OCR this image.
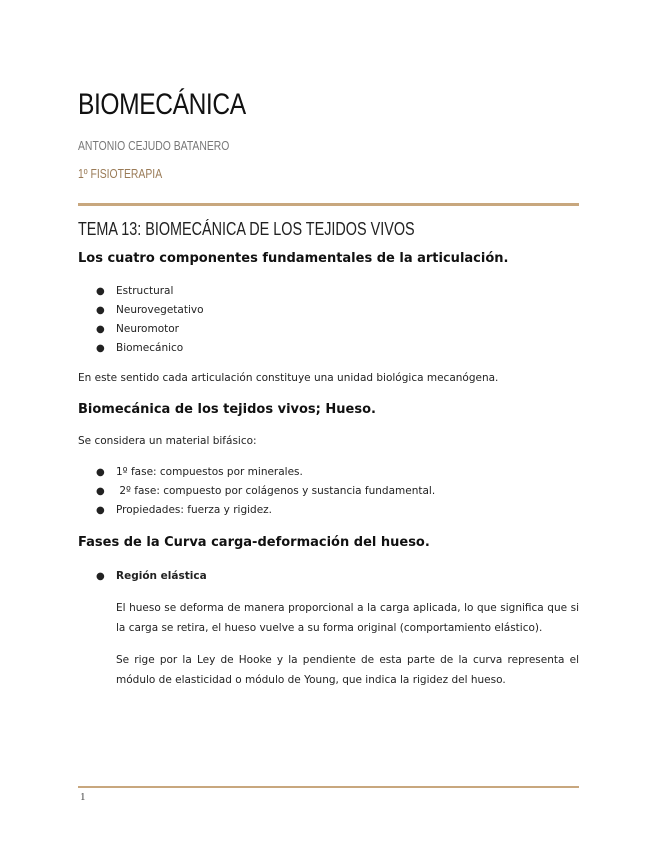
BIOMECÁNICA
ANTONIO CEJUDO BATANERO
1º FISIOTERAPIA
TEMA 13: BIOMECÁNICA DE LOS TEJIDOS VIVOS
Los cuatro componentes fundamentales de la articulación.
● Estructural
● Neurovegetativo
● Neuromotor
● Biomecánico

En este sentido cada articulación constituye una unidad biológica mecanógena.

Biomecánica de los tejidos vivos; Hueso.

Se considera un material bifásico:

● 1º fase: compuestos por minerales.
● 2º fase: compuesto por colágenos y sustancia fundamental.
● Propiedades: fuerza y rigidez.
Fases de la Curva carga-deformación del hueso.
● Región elástica

El hueso se deforma de manera proporcional a la carga aplicada, lo que significa que si la carga se retira, el hueso vuelve a su forma original (comportamiento elástico).

Se rige por la Ley de Hooke y la pendiente de esta parte de la curva representa el módulo de elasticidad o módulo de Young, que indica la rigidez del hueso.

1
